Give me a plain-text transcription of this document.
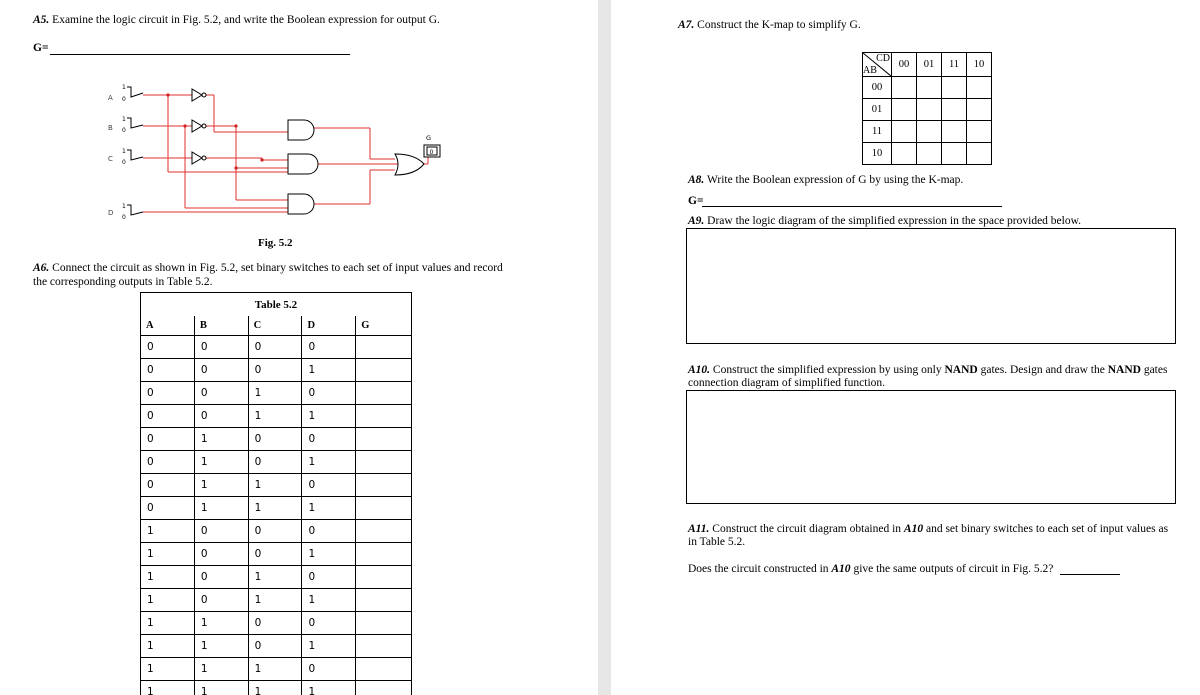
A5. Examine the logic circuit in Fig. 5.2, and write the Boolean expression for output G.
G=
A
B
C
D
1
0
1
0
1
0
1
0
G
0
Fig. 5.2
A6. Connect the circuit as shown in Fig. 5.2, set binary switches to each set of input values and record
the corresponding outputs in Table 5.2.
Table 5.2				
A	B	C	D	G
0	0	0	0	
0	0	0	1	
0	0	1	0	
0	0	1	1	
0	1	0	0	
0	1	0	1	
0	1	1	0	
0	1	1	1	
1	0	0	0	
1	0	0	1	
1	0	1	0	
1	0	1	1	
1	1	0	0	
1	1	0	1	
1	1	1	0	
1	1	1	1	
A7. Construct the K-map to simplify G.
CD
AB	00	01	11	10
00				
01				
11				
10				
A8. Write the Boolean expression of G by using the K-map.
G=
A9. Draw the logic diagram of the simplified expression in the space provided below.
A10. Construct the simplified expression by using only NAND gates. Design and draw the NAND gates
connection diagram of simplified function.
A11. Construct the circuit diagram obtained in A10 and set binary switches to each set of input values as
in Table 5.2.
Does the circuit constructed in A10 give the same outputs of circuit in Fig. 5.2?
